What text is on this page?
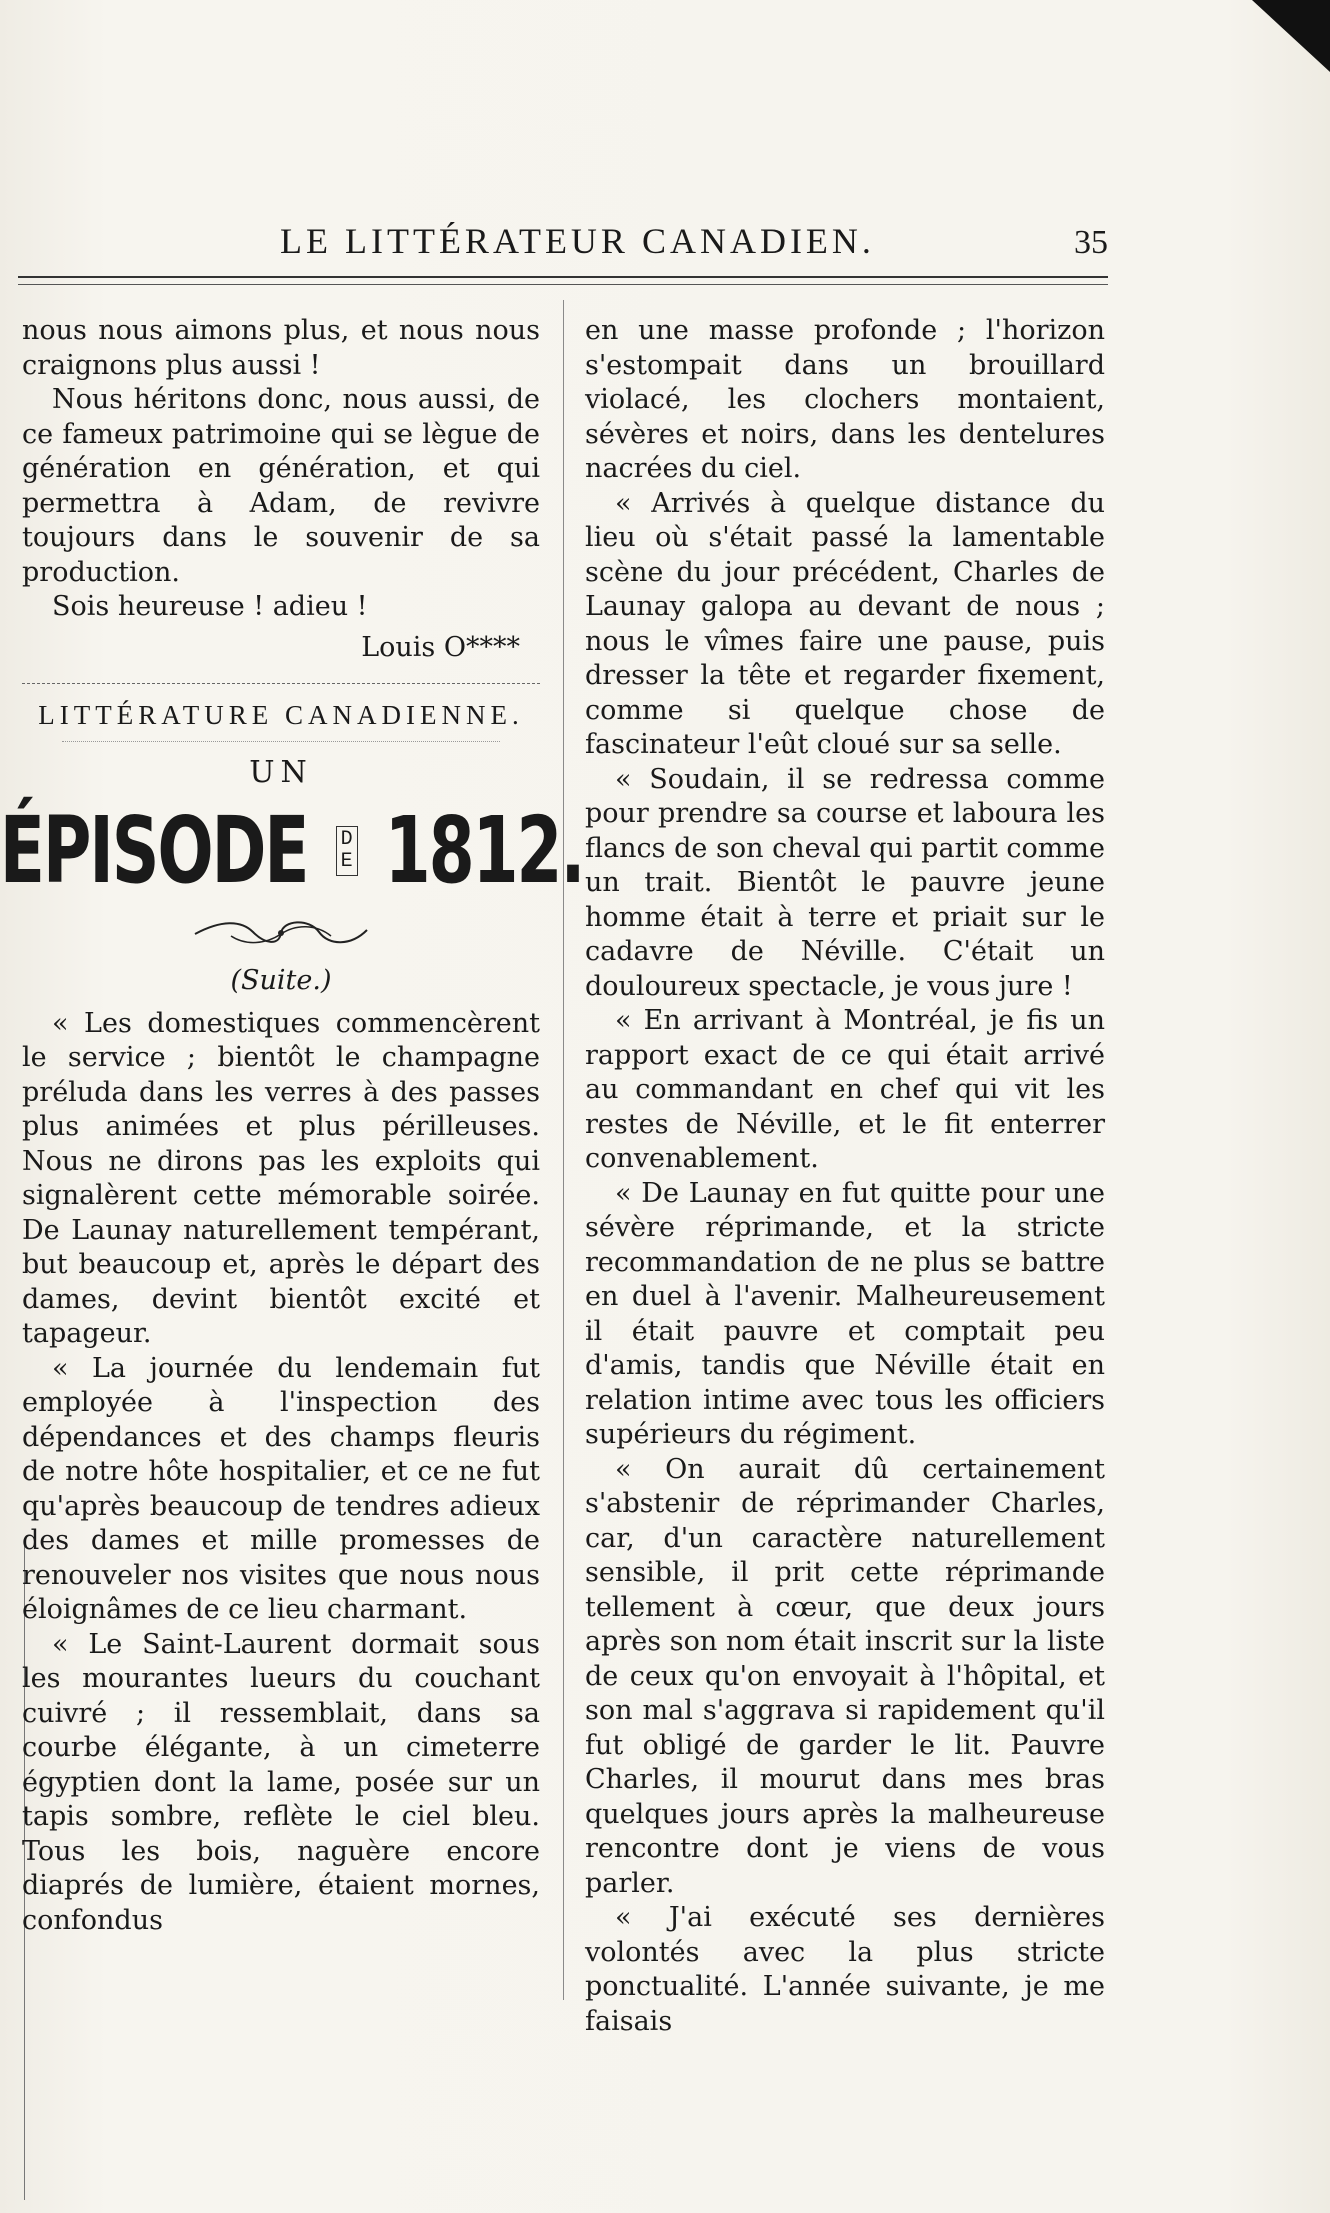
LE LITTÉRATEUR CANADIEN.	35

nous nous aimons plus, et nous nous craignons plus aussi !

Nous héritons donc, nous aussi, de ce fameux patrimoine qui se lègue de génération en génération, et qui permettra à Adam, de revivre toujours dans le souvenir de sa production.

Sois heureuse ! adieu !

Louis O****

LITTÉRATURE CANADIENNE.
UN
ÉPISODE D
E 1812.

(Suite.)

« Les domestiques commencèrent le service ; bientôt le champagne préluda dans les verres à des passes plus animées et plus périlleuses. Nous ne dirons pas les exploits qui signalèrent cette mémorable soirée. De Launay naturellement tempérant, but beaucoup et, après le départ des dames, devint bientôt excité et tapageur.

« La journée du lendemain fut employée à l'inspection des dépendances et des champs fleuris de notre hôte hospitalier, et ce ne fut qu'après beaucoup de tendres adieux des dames et mille promesses de renouveler nos visites que nous nous éloignâmes de ce lieu charmant.

« Le Saint-Laurent dormait sous les mourantes lueurs du couchant cuivré ; il ressemblait, dans sa courbe élégante, à un cimeterre égyptien dont la lame, posée sur un tapis sombre, reflète le ciel bleu. Tous les bois, naguère encore diaprés de lumière, étaient mornes, confondus

en une masse profonde ; l'horizon s'estompait dans un brouillard violacé, les clochers montaient, sévères et noirs, dans les dentelures nacrées du ciel.

« Arrivés à quelque distance du lieu où s'était passé la lamentable scène du jour précédent, Charles de Launay galopa au devant de nous ; nous le vîmes faire une pause, puis dresser la tête et regarder fixement, comme si quelque chose de fascinateur l'eût cloué sur sa selle.

« Soudain, il se redressa comme pour prendre sa course et laboura les flancs de son cheval qui partit comme un trait. Bientôt le pauvre jeune homme était à terre et priait sur le cadavre de Néville. C'était un douloureux spectacle, je vous jure !

« En arrivant à Montréal, je fis un rapport exact de ce qui était arrivé au commandant en chef qui vit les restes de Néville, et le fit enterrer convenablement.

« De Launay en fut quitte pour une sévère réprimande, et la stricte recommandation de ne plus se battre en duel à l'avenir. Malheureusement il était pauvre et comptait peu d'amis, tandis que Néville était en relation intime avec tous les officiers supérieurs du régiment.

« On aurait dû certainement s'abstenir de réprimander Charles, car, d'un caractère naturellement sensible, il prit cette réprimande tellement à cœur, que deux jours après son nom était inscrit sur la liste de ceux qu'on envoyait à l'hôpital, et son mal s'aggrava si rapidement qu'il fut obligé de garder le lit. Pauvre Charles, il mourut dans mes bras quelques jours après la malheureuse rencontre dont je viens de vous parler.

« J'ai exécuté ses dernières volontés avec la plus stricte ponctualité. L'année suivante, je me faisais
